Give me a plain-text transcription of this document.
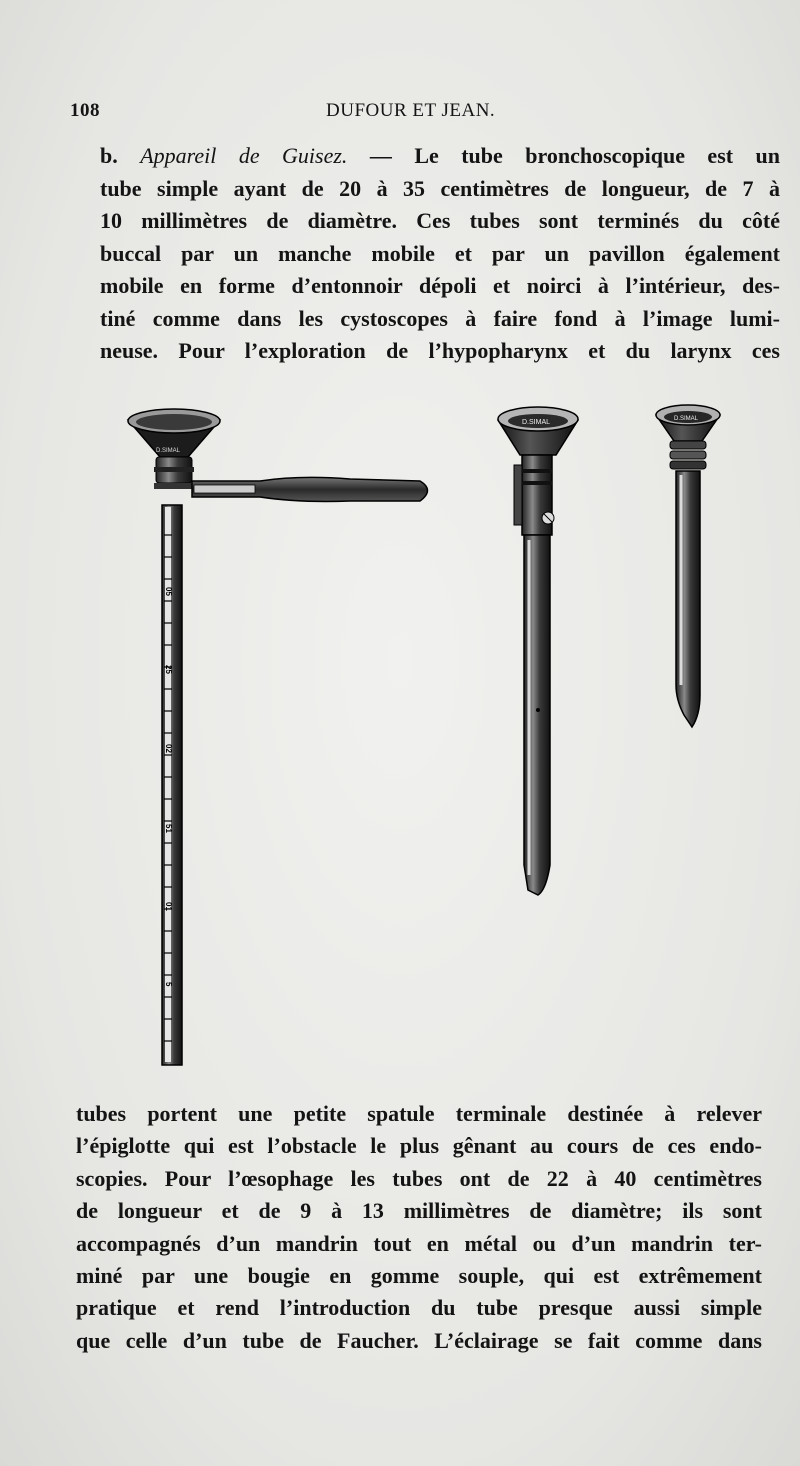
108	DUFOUR ET JEAN.
b. Appareil de Guisez. — Le tube bronchoscopique est un
tube simple ayant de 20 à 35 centimètres de longueur, de 7 à
10 millimètres de diamètre. Ces tubes sont terminés du côté
buccal par un manche mobile et par un pavillon également
mobile en forme d’entonnoir dépoli et noirci à l’intérieur, des-
tiné comme dans les cystoscopes à faire fond à l’image lumi-
neuse. Pour l’exploration de l’hypopharynx et du larynx ces
D.SIMAL
05
25
02
51
01
5
D.SIMAL	D.SIMAL
tubes portent une petite spatule terminale destinée à relever
l’épiglotte qui est l’obstacle le plus gênant au cours de ces endo-
scopies. Pour l’œsophage les tubes ont de 22 à 40 centimètres
de longueur et de 9 à 13 millimètres de diamètre; ils sont
accompagnés d’un mandrin tout en métal ou d’un mandrin ter-
miné par une bougie en gomme souple, qui est extrêmement
pratique et rend l’introduction du tube presque aussi simple
que celle d’un tube de Faucher. L’éclairage se fait comme dans
